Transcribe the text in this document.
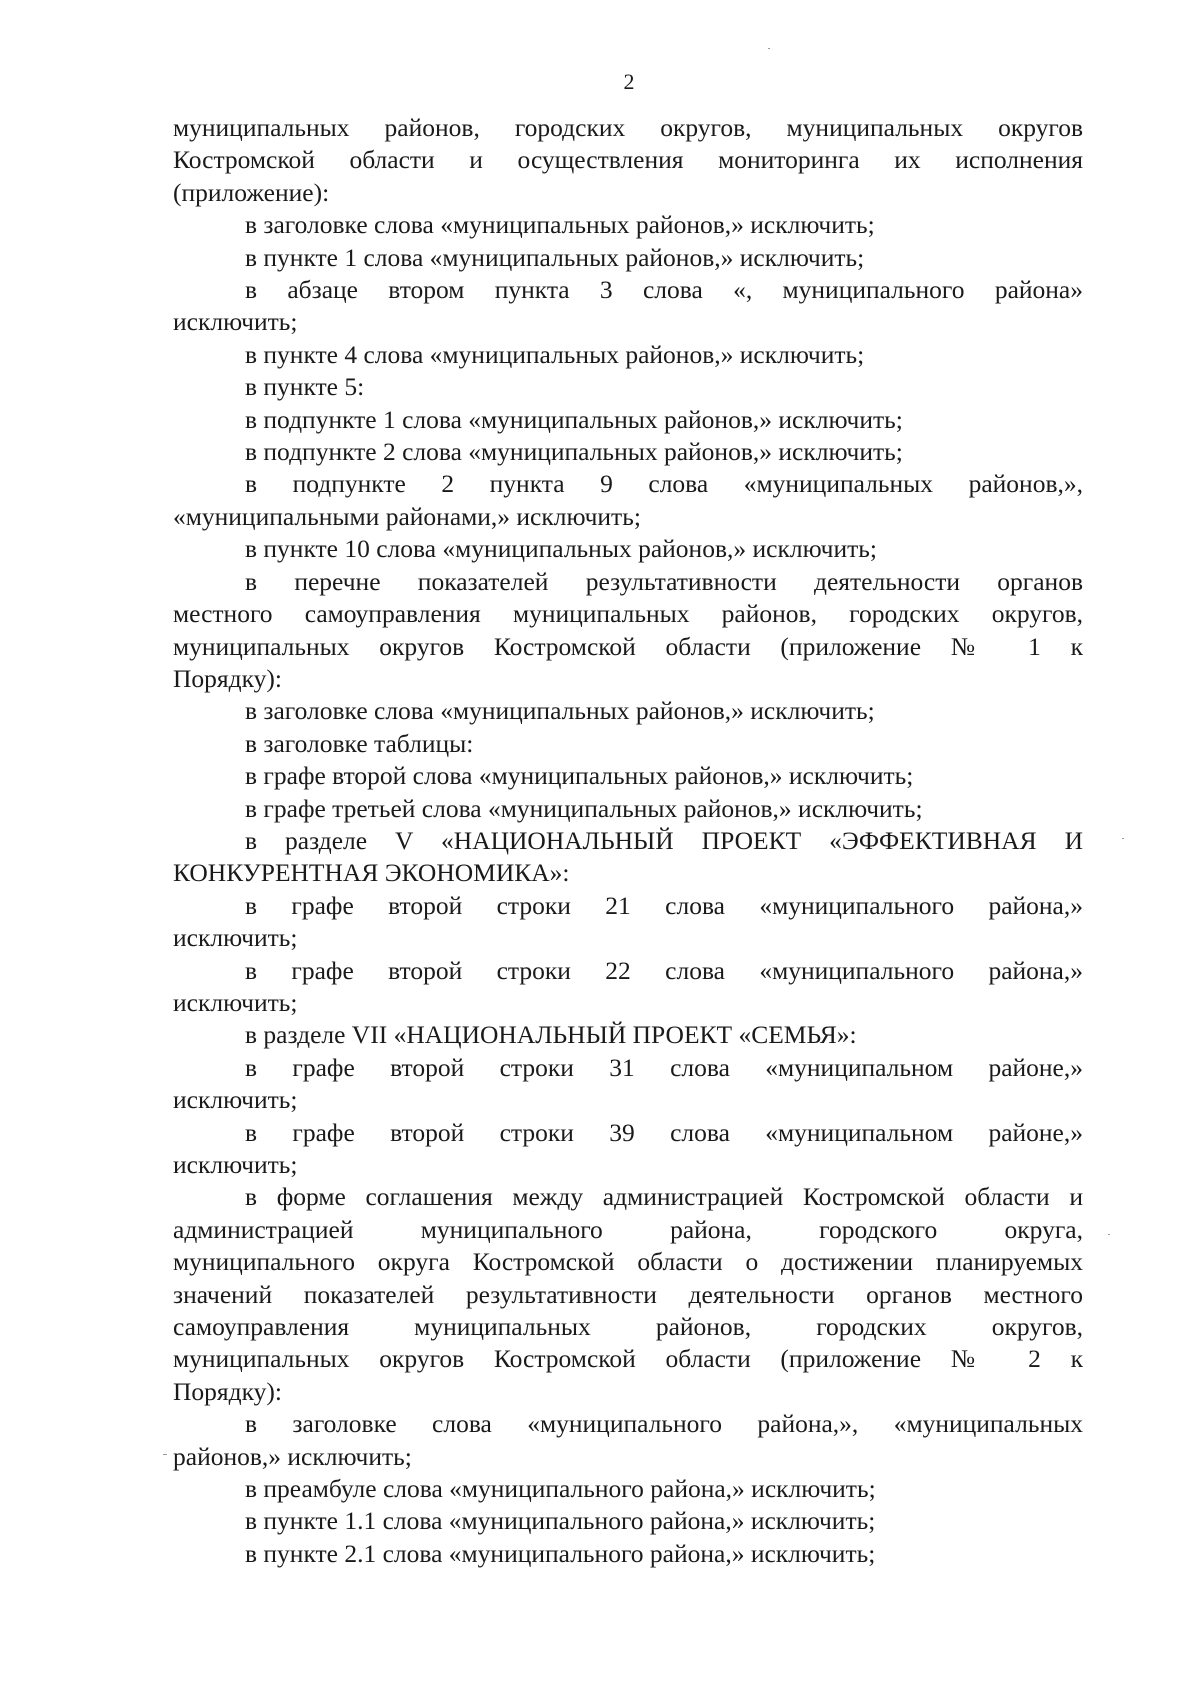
2

муниципальных районов, городских округов, муниципальных округов

Костромской области и осуществления мониторинга их исполнения

(приложение):

в заголовке слова «муниципальных районов,» исключить;

в пункте 1 слова «муниципальных районов,» исключить;

в абзаце втором пункта 3 слова «, муниципального района»

исключить;

в пункте 4 слова «муниципальных районов,» исключить;

в пункте 5:

в подпункте 1 слова «муниципальных районов,» исключить;

в подпункте 2 слова «муниципальных районов,» исключить;

в подпункте 2 пункта 9 слова «муниципальных районов,»,

«муниципальными районами,» исключить;

в пункте 10 слова «муниципальных районов,» исключить;

в перечне показателей результативности деятельности органов

местного самоуправления муниципальных районов, городских округов,

муниципальных округов Костромской области (приложение № 1 к

Порядку):

в заголовке слова «муниципальных районов,» исключить;

в заголовке таблицы:

в графе второй слова «муниципальных районов,» исключить;

в графе третьей слова «муниципальных районов,» исключить;

в разделе V «НАЦИОНАЛЬНЫЙ ПРОЕКТ «ЭФФЕКТИВНАЯ И

КОНКУРЕНТНАЯ ЭКОНОМИКА»:

в графе второй строки 21 слова «муниципального района,»

исключить;

в графе второй строки 22 слова «муниципального района,»

исключить;

в разделе VII «НАЦИОНАЛЬНЫЙ ПРОЕКТ «СЕМЬЯ»:

в графе второй строки 31 слова «муниципальном районе,»

исключить;

в графе второй строки 39 слова «муниципальном районе,»

исключить;

в форме соглашения между администрацией Костромской области и

администрацией муниципального района, городского округа,

муниципального округа Костромской области о достижении планируемых

значений показателей результативности деятельности органов местного

самоуправления муниципальных районов, городских округов,

муниципальных округов Костромской области (приложение № 2 к

Порядку):

в заголовке слова «муниципального района,», «муниципальных

районов,» исключить;

в преамбуле слова «муниципального района,» исключить;

в пункте 1.1 слова «муниципального района,» исключить;

в пункте 2.1 слова «муниципального района,» исключить;
